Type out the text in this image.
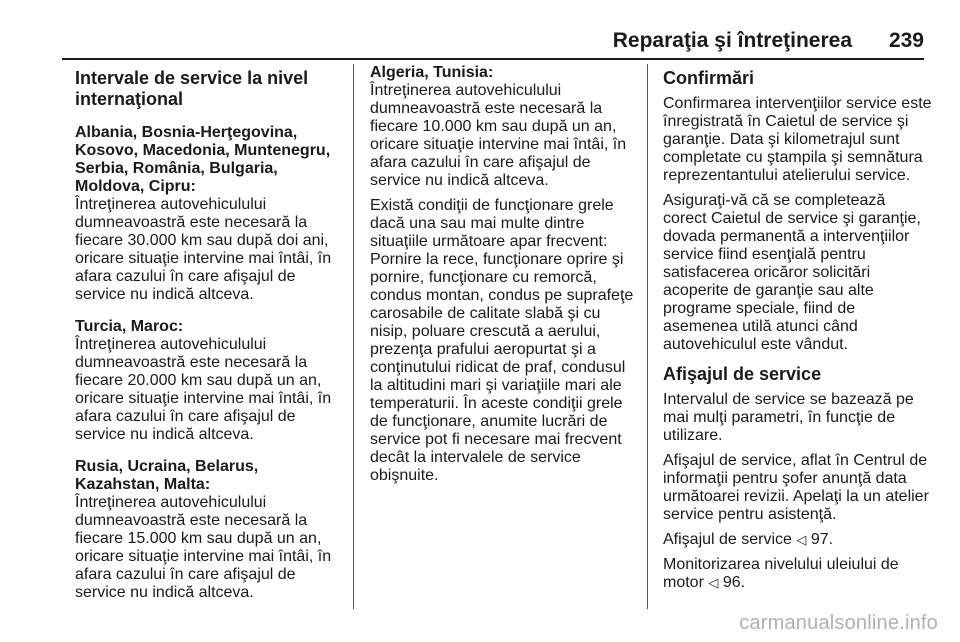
Reparaţia şi întreţinerea 239
Intervale de service la nivel internaţional
Albania, Bosnia-Herţegovina, Kosovo, Macedonia, Muntenegru, Serbia, România, Bulgaria, Moldova, Cipru:

Întreţinerea autovehiculului dumneavoastră este necesară la fiecare 30.000 km sau după doi ani, oricare situaţie intervine mai întâi, în afara cazului în care afişajul de service nu indică altceva.

Turcia, Maroc:

Întreţinerea autovehiculului dumneavoastră este necesară la fiecare 20.000 km sau după un an, oricare situaţie intervine mai întâi, în afara cazului în care afişajul de service nu indică altceva.

Rusia, Ucraina, Belarus, Kazahstan, Malta:

Întreţinerea autovehiculului dumneavoastră este necesară la fiecare 15.000 km sau după un an, oricare situaţie intervine mai întâi, în afara cazului în care afişajul de service nu indică altceva.

Algeria, Tunisia:

Întreţinerea autovehiculului dumneavoastră este necesară la fiecare 10.000 km sau după un an, oricare situaţie intervine mai întâi, în afara cazului în care afişajul de service nu indică altceva.

Există condiţii de funcţionare grele dacă una sau mai multe dintre situaţiile următoare apar frecvent: Pornire la rece, funcţionare oprire şi pornire, funcţionare cu remorcă, condus montan, condus pe suprafeţe carosabile de calitate slabă şi cu nisip, poluare crescută a aerului, prezenţa prafului aeropurtat şi a conţinutului ridicat de praf, condusul la altitudini mari şi variaţiile mari ale temperaturii. În aceste condiţii grele de funcţionare, anumite lucrări de service pot fi necesare mai frecvent decât la intervalele de service obişnuite.

Confirmări

Confirmarea intervenţiilor service este înregistrată în Caietul de service şi garanţie. Data şi kilometrajul sunt completate cu ştampila şi semnătura reprezentantului atelierului service.

Asiguraţi-vă că se completează corect Caietul de service şi garanţie, dovada permanentă a intervenţiilor service fiind esenţială pentru satisfacerea oricăror solicitări acoperite de garanţie sau alte programe speciale, fiind de asemenea utilă atunci când autovehiculul este vândut.

Afişajul de service

Intervalul de service se bazează pe mai mulţi parametri, în funcţie de utilizare.

Afişajul de service, aflat în Centrul de informaţii pentru şofer anunţă data următoarei revizii. Apelaţi la un atelier service pentru asistenţă.

Afişajul de service ◁ 97.

Monitorizarea nivelului uleiului de motor ◁ 96.

carmanualsonline.info
